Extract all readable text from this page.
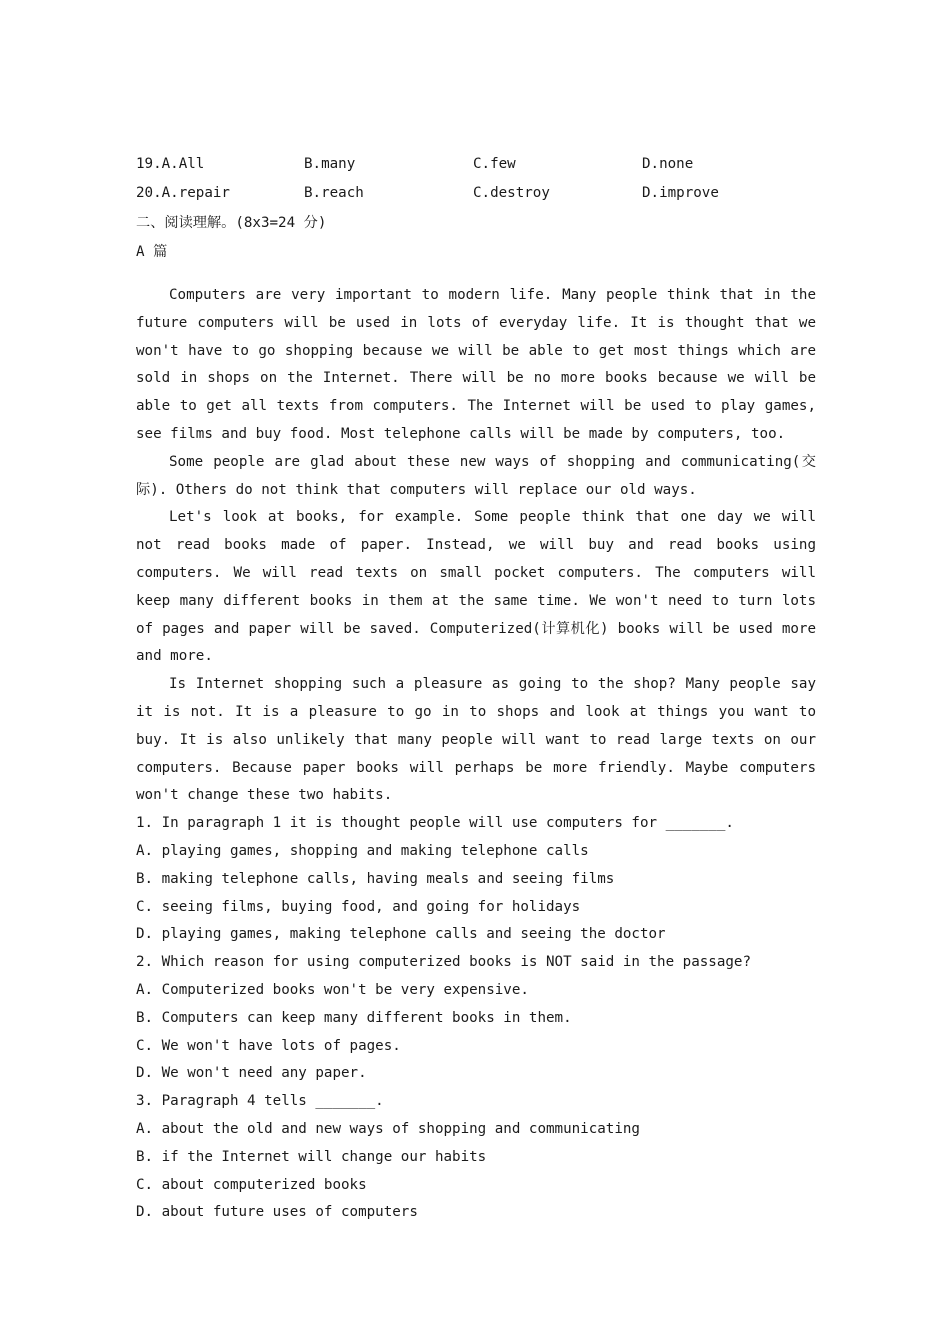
19.A.All	B.many	C.few	D.none
20.A.repair	B.reach	C.destroy	D.improve
二、阅读理解。(8x3=24 分)
A 篇

Computers are very important to modern life. Many people think that in the future computers will be used in lots of everyday life. It is thought that we won't have to go shopping because we will be able to get most things which are sold in shops on the Internet. There will be no more books because we will be able to get all texts from computers. The Internet will be used to play games, see films and buy food. Most telephone calls will be made by computers, too.

Some people are glad about these new ways of shopping and communicating(交际). Others do not think that computers will replace our old ways.

Let's look at books, for example. Some people think that one day we will not read books made of paper. Instead, we will buy and read books using computers. We will read texts on small pocket computers. The computers will keep many different books in them at the same time. We won't need to turn lots of pages and paper will be saved. Computerized(计算机化) books will be used more and more.

Is Internet shopping such a pleasure as going to the shop? Many people say it is not. It is a pleasure to go in to shops and look at things you want to buy. It is also unlikely that many people will want to read large texts on our computers. Because paper books will perhaps be more friendly. Maybe computers won't change these two habits.

1. In paragraph 1 it is thought people will use computers for _______.
A. playing games, shopping and making telephone calls
B. making telephone calls, having meals and seeing films
C. seeing films, buying food, and going for holidays
D. playing games, making telephone calls and seeing the doctor
2. Which reason for using computerized books is NOT said in the passage?
A. Computerized books won't be very expensive.
B. Computers can keep many different books in them.
C. We won't have lots of pages.
D. We won't need any paper.
3. Paragraph 4 tells _______.
A. about the old and new ways of shopping and communicating
B. if the Internet will change our habits
C. about computerized books
D. about future uses of computers
